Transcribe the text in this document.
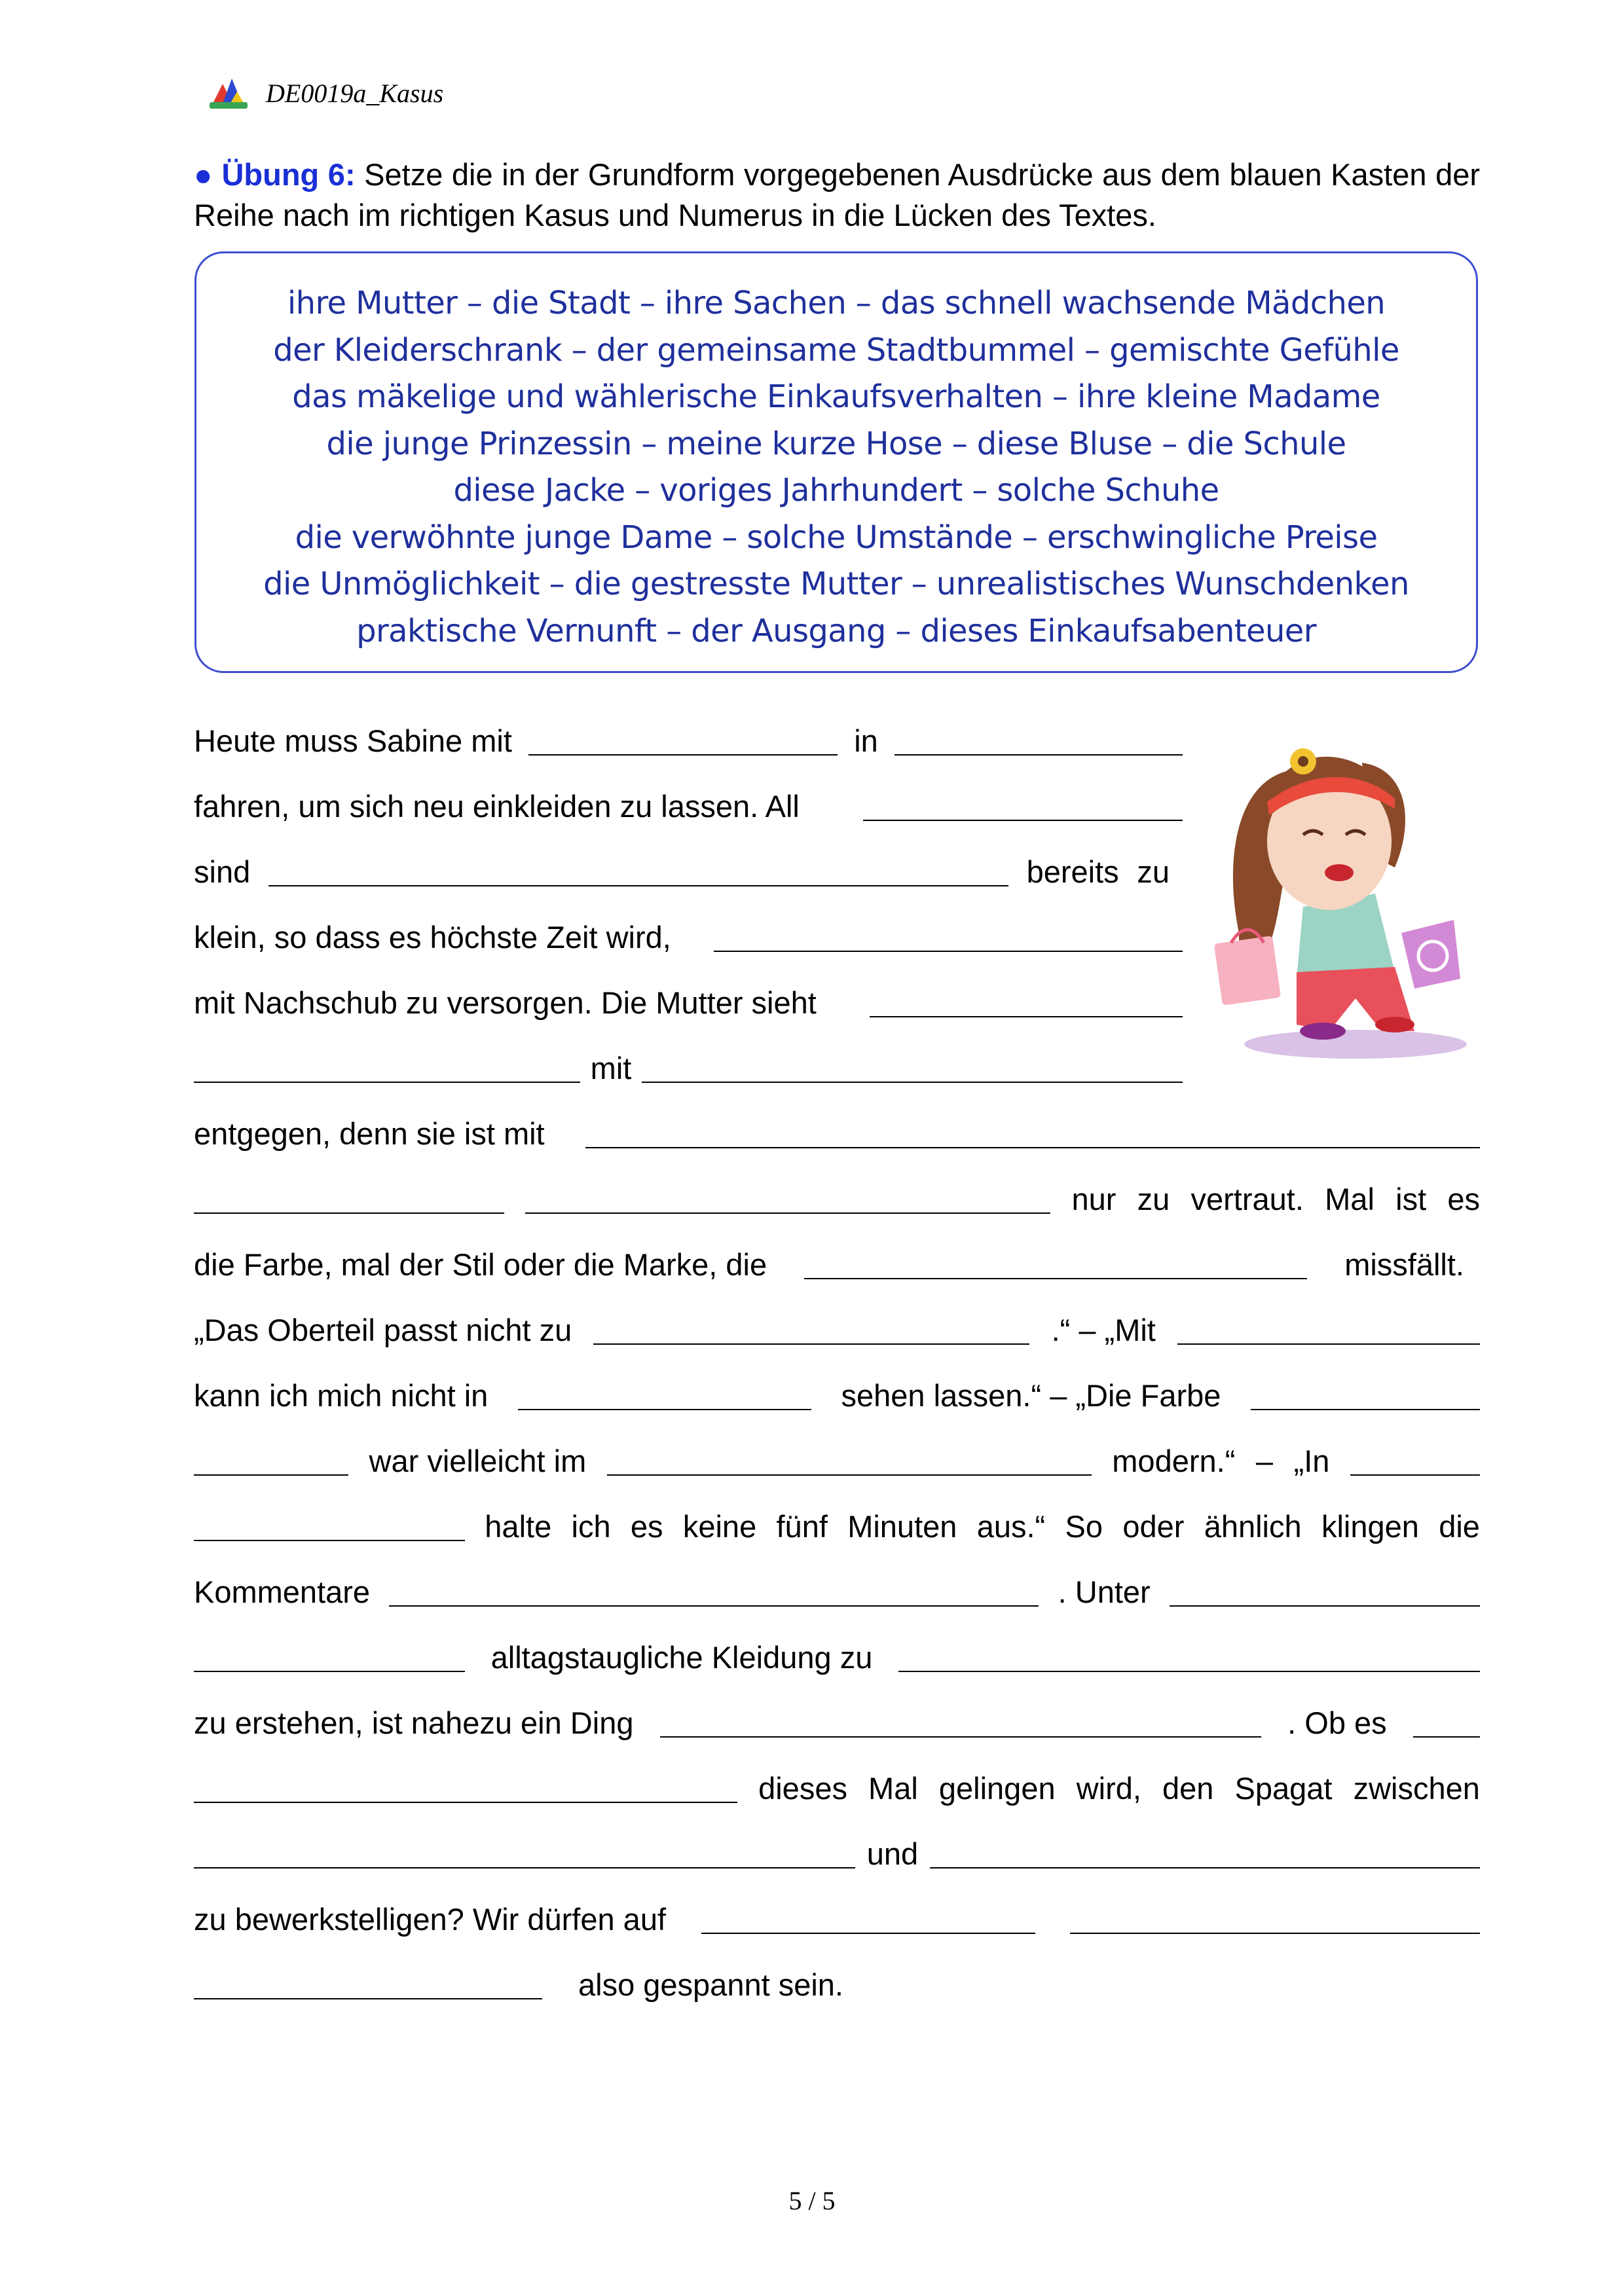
DE0019a_Kasus
● Übung 6: Setze die in der Grundform vorgegebenen Ausdrücke aus dem blauen Kasten der Reihe nach im richtigen Kasus und Numerus in die Lücken des Textes.
ihre Mutter – die Stadt – ihre Sachen – das schnell wachsende Mädchen
der Kleiderschrank – der gemeinsame Stadtbummel – gemischte Gefühle
das mäkelige und wählerische Einkaufsverhalten – ihre kleine Madame
die junge Prinzessin – meine kurze Hose – diese Bluse – die Schule
diese Jacke – voriges Jahrhundert – solche Schuhe
die verwöhnte junge Dame – solche Umstände – erschwingliche Preise
die Unmöglichkeit – die gestresste Mutter – unrealistisches Wunschdenken
praktische Vernunft – der Ausgang – dieses Einkaufsabenteuer
Heute muss Sabine mit	in
fahren, um sich neu einkleiden zu lassen. All
sind	bereits zu
klein, so dass es höchste Zeit wird,
mit Nachschub zu versorgen. Die Mutter sieht
mit
entgegen, denn sie ist mit
nur zu vertraut. Mal ist es
die Farbe, mal der Stil oder die Marke, die	missfällt.
„Das Oberteil passt nicht zu	.“ – „Mit
kann ich mich nicht in	sehen lassen.“ – „Die Farbe
war vielleicht im	modern.“ – „In
halte ich es keine fünf Minuten aus.“ So oder ähnlich klingen die
Kommentare	. Unter
alltagstaugliche Kleidung zu
zu erstehen, ist nahezu ein Ding	. Ob es
dieses Mal gelingen wird, den Spagat zwischen
und
zu bewerkstelligen? Wir dürfen auf
also gespannt sein.
5 / 5
